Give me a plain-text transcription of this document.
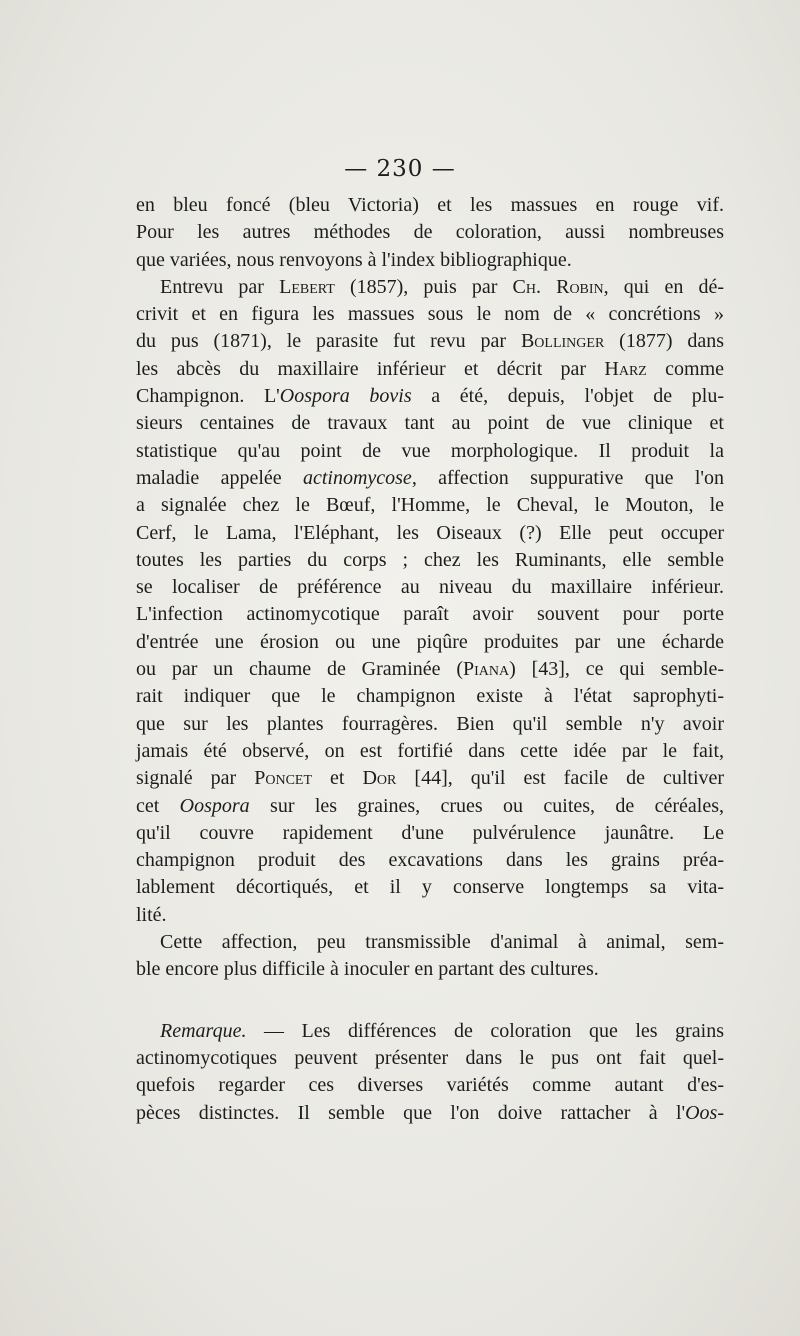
— 230 —
en bleu foncé (bleu Victoria) et les massues en rouge vif.
Pour les autres méthodes de coloration, aussi nombreuses
que variées, nous renvoyons à l'index bibliographique.
Entrevu par Lebert (1857), puis par Ch. Robin, qui en dé-
crivit et en figura les massues sous le nom de « concrétions »
du pus (1871), le parasite fut revu par Bollinger (1877) dans
les abcès du maxillaire inférieur et décrit par Harz comme
Champignon. L'Oospora bovis a été, depuis, l'objet de plu-
sieurs centaines de travaux tant au point de vue clinique et
statistique qu'au point de vue morphologique. Il produit la
maladie appelée actinomycose, affection suppurative que l'on
a signalée chez le Bœuf, l'Homme, le Cheval, le Mouton, le
Cerf, le Lama, l'Eléphant, les Oiseaux (?) Elle peut occuper
toutes les parties du corps ; chez les Ruminants, elle semble
se localiser de préférence au niveau du maxillaire inférieur.
L'infection actinomycotique paraît avoir souvent pour porte
d'entrée une érosion ou une piqûre produites par une écharde
ou par un chaume de Graminée (Piana) [43], ce qui semble-
rait indiquer que le champignon existe à l'état saprophyti-
que sur les plantes fourragères. Bien qu'il semble n'y avoir
jamais été observé, on est fortifié dans cette idée par le fait,
signalé par Poncet et Dor [44], qu'il est facile de cultiver
cet Oospora sur les graines, crues ou cuites, de céréales,
qu'il couvre rapidement d'une pulvérulence jaunâtre. Le
champignon produit des excavations dans les grains préa-
lablement décortiqués, et il y conserve longtemps sa vita-
lité.
Cette affection, peu transmissible d'animal à animal, sem-
ble encore plus difficile à inoculer en partant des cultures.
Remarque. — Les différences de coloration que les grains
actinomycotiques peuvent présenter dans le pus ont fait quel-
quefois regarder ces diverses variétés comme autant d'es-
pèces distinctes. Il semble que l'on doive rattacher à l'Oos-
